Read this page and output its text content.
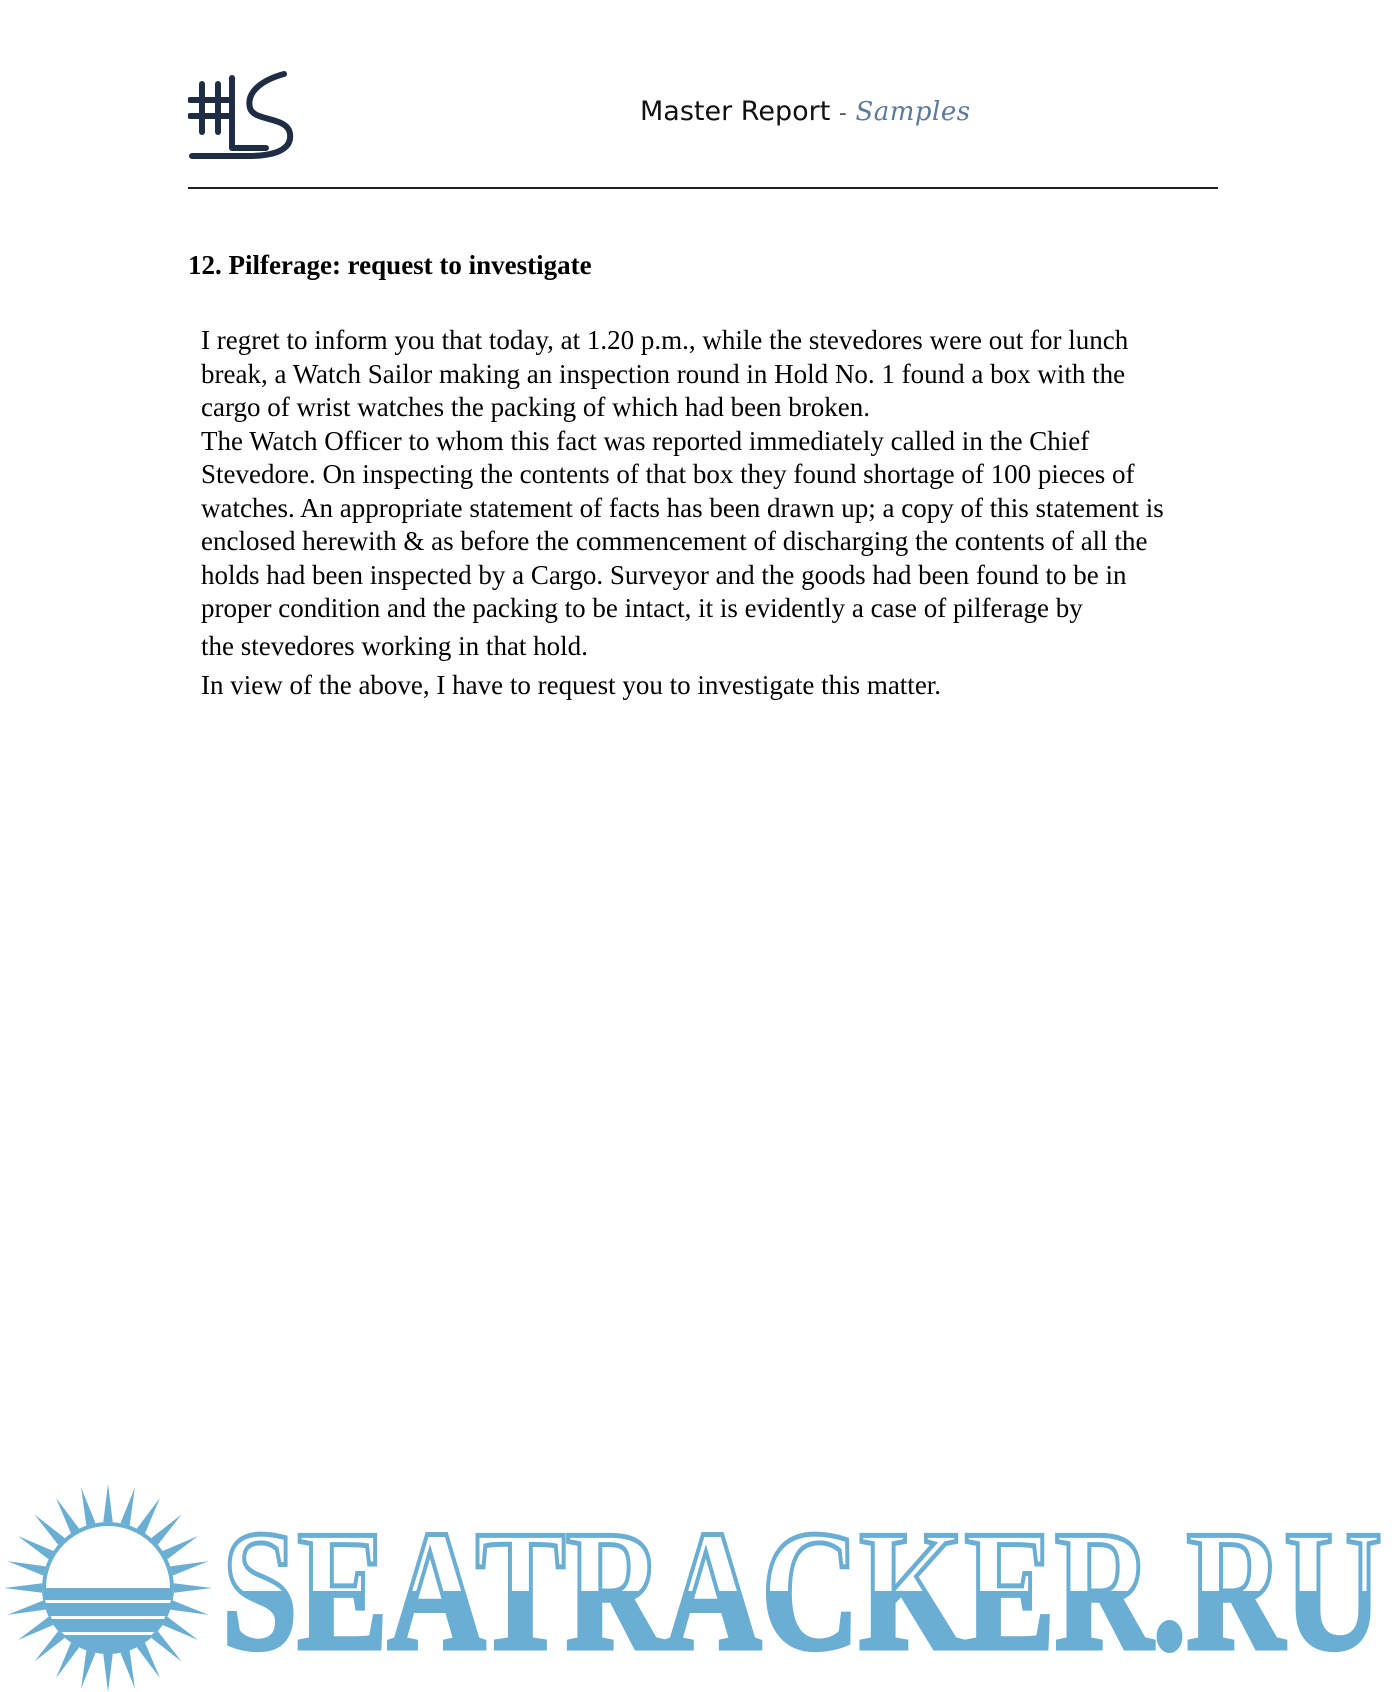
Master Report - Samples
12. Pilferage: request to investigate
I regret to inform you that today, at 1.20 p.m., while the stevedores were out for lunch
break, a Watch Sailor making an inspection round in Hold No. 1 found a box with the
cargo of wrist watches the packing of which had been broken.
The Watch Officer to whom this fact was reported immediately called in the Chief
Stevedore. On inspecting the contents of that box they found shortage of 100 pieces of
watches. An appropriate statement of facts has been drawn up; a copy of this statement is
enclosed herewith & as before the commencement of discharging the contents of all the
holds had been inspected by a Cargo. Surveyor and the goods had been found to be in
proper condition and the packing to be intact, it is evidently a case of pilferage by
the stevedores working in that hold.
In view of the above, I have to request you to investigate this matter.
SEATRACKER.RU
